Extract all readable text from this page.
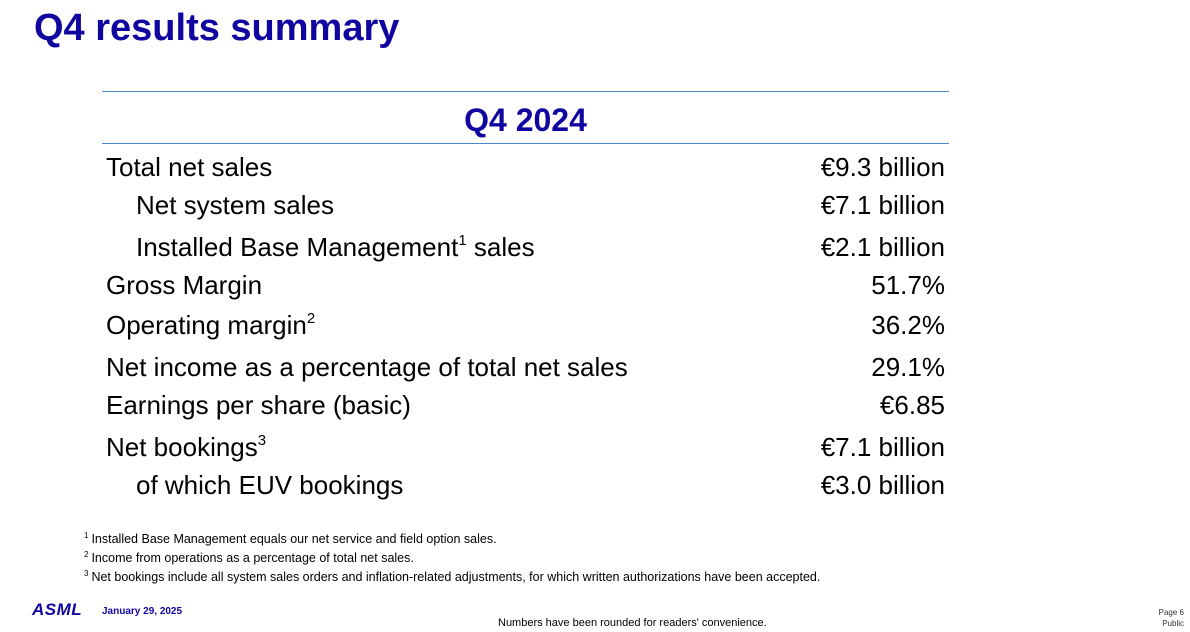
Q4 results summary
Q4 2024
Total net sales	€9.3 billion
Net system sales	€7.1 billion
Installed Base Management$^1$ sales	€2.1 billion
Gross Margin	51.7%
Operating margin$^2$	36.2%
Net income as a percentage of total net sales	29.1%
Earnings per share (basic)	€6.85
Net bookings$^3$	€7.1 billion
of which EUV bookings	€3.0 billion
$^1$ Installed Base Management equals our net service and field option sales.
$^2$ Income from operations as a percentage of total net sales.
$^3$ Net bookings include all system sales orders and inflation-related adjustments, for which written authorizations have been accepted.
ASML January 29, 2025
Numbers have been rounded for readers' convenience.
Page 6
Public
